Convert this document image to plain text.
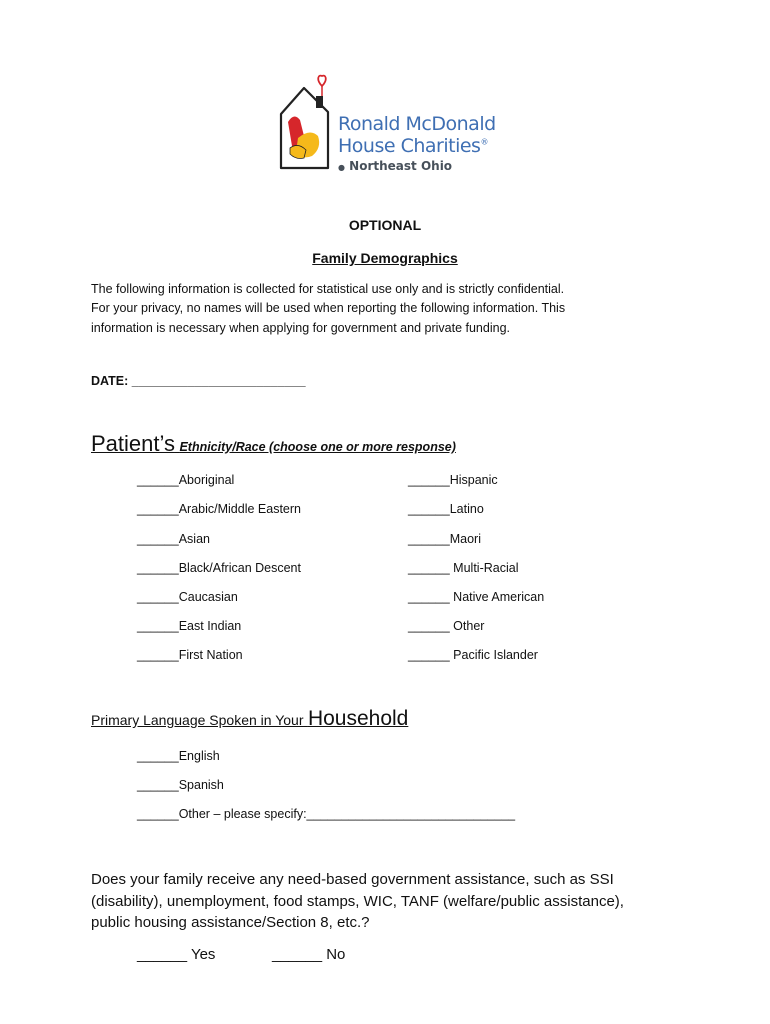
Ronald McDonald
House Charities®
● Northeast Ohio
OPTIONAL
Family Demographics
The following information is collected for statistical use only and is strictly confidential.
For your privacy, no names will be used when reporting the following information. This
information is necessary when applying for government and private funding.
DATE: _________________________
Patient’s Ethnicity/Race (choose one or more response)
______Aboriginal
______Arabic/Middle Eastern
______Asian
______Black/African Descent
______Caucasian
______East Indian
______First Nation
______Hispanic
______Latino
______Maori
______ Multi-Racial
______ Native American
______ Other
______ Pacific Islander
Primary Language Spoken in Your Household
______English
______Spanish
______Other – please specify:______________________________
Does your family receive any need-based government assistance, such as SSI
(disability), unemployment, food stamps, WIC, TANF (welfare/public assistance),
public housing assistance/Section 8, etc.?
______ Yes	______ No
